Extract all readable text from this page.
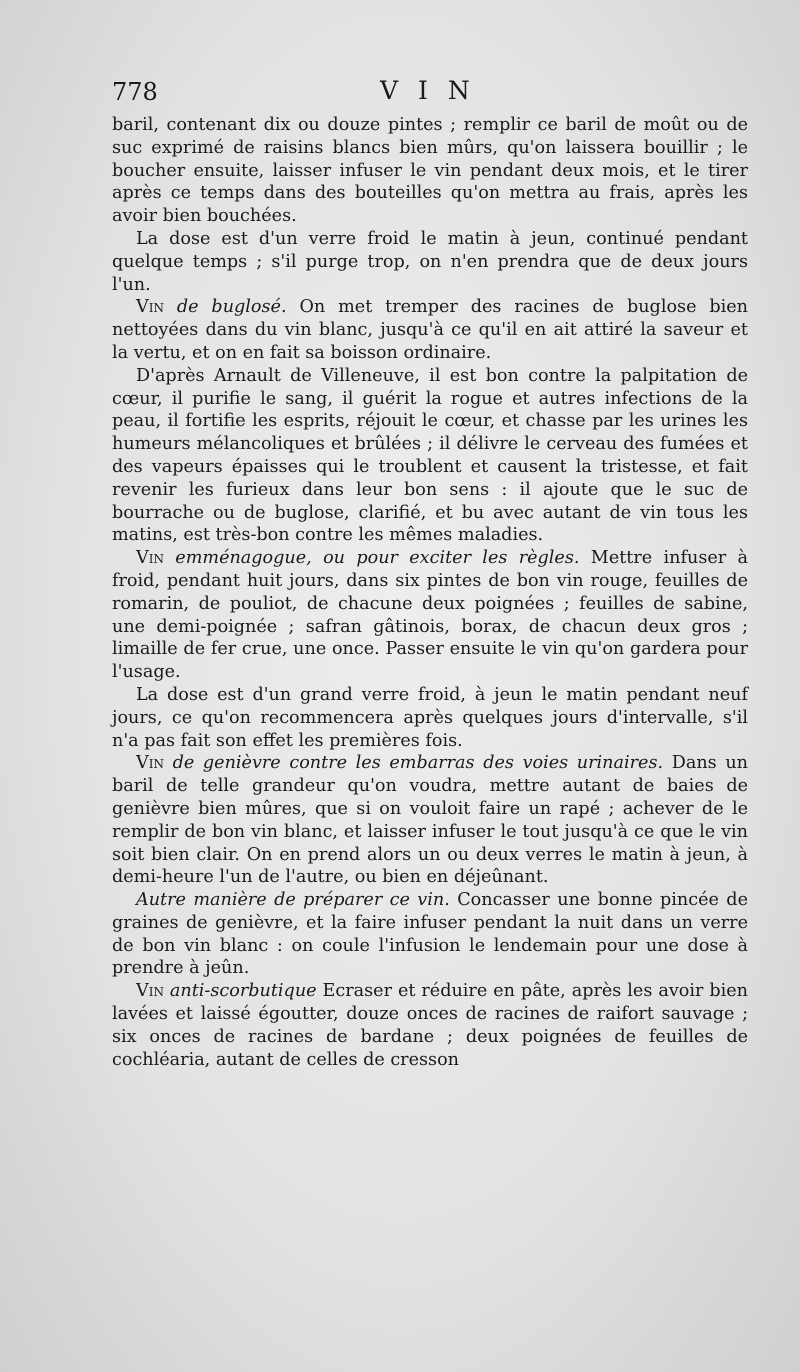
778	V I N

baril, contenant dix ou douze pintes ; remplir ce baril de moût ou de suc exprimé de raisins blancs bien mûrs, qu'on laissera bouillir ; le boucher ensuite, laisser infuser le vin pendant deux mois, et le tirer après ce temps dans des bouteilles qu'on mettra au frais, après les avoir bien bouchées.

La dose est d'un verre froid le matin à jeun, continué pendant quelque temps ; s'il purge trop, on n'en prendra que de deux jours l'un.

Vin de buglosé. On met tremper des racines de buglose bien nettoyées dans du vin blanc, jusqu'à ce qu'il en ait attiré la saveur et la vertu, et on en fait sa boisson ordinaire.

D'après Arnault de Villeneuve, il est bon contre la palpitation de cœur, il purifie le sang, il guérit la rogue et autres infections de la peau, il fortifie les esprits, réjouit le cœur, et chasse par les urines les humeurs mélancoliques et brûlées ; il délivre le cerveau des fumées et des vapeurs épaisses qui le troublent et causent la tristesse, et fait revenir les furieux dans leur bon sens : il ajoute que le suc de bourrache ou de buglose, clarifié, et bu avec autant de vin tous les matins, est très-bon contre les mêmes maladies.

Vin emménagogue, ou pour exciter les règles. Mettre infuser à froid, pendant huit jours, dans six pintes de bon vin rouge, feuilles de romarin, de pouliot, de chacune deux poignées ; feuilles de sabine, une demi-poignée ; safran gâtinois, borax, de chacun deux gros ; limaille de fer crue, une once. Passer ensuite le vin qu'on gardera pour l'usage.

La dose est d'un grand verre froid, à jeun le matin pendant neuf jours, ce qu'on recommencera après quelques jours d'intervalle, s'il n'a pas fait son effet les premières fois.

Vin de genièvre contre les embarras des voies urinaires. Dans un baril de telle grandeur qu'on voudra, mettre autant de baies de genièvre bien mûres, que si on vouloit faire un rapé ; achever de le remplir de bon vin blanc, et laisser infuser le tout jusqu'à ce que le vin soit bien clair. On en prend alors un ou deux verres le matin à jeun, à demi-heure l'un de l'autre, ou bien en déjeûnant.

Autre manière de préparer ce vin. Concasser une bonne pincée de graines de genièvre, et la faire infuser pendant la nuit dans un verre de bon vin blanc : on coule l'infusion le lendemain pour une dose à prendre à jeûn.

Vin anti-scorbutique Ecraser et réduire en pâte, après les avoir bien lavées et laissé égoutter, douze onces de racines de raifort sauvage ; six onces de racines de bardane ; deux poignées de feuilles de cochléaria, autant de celles de cresson
